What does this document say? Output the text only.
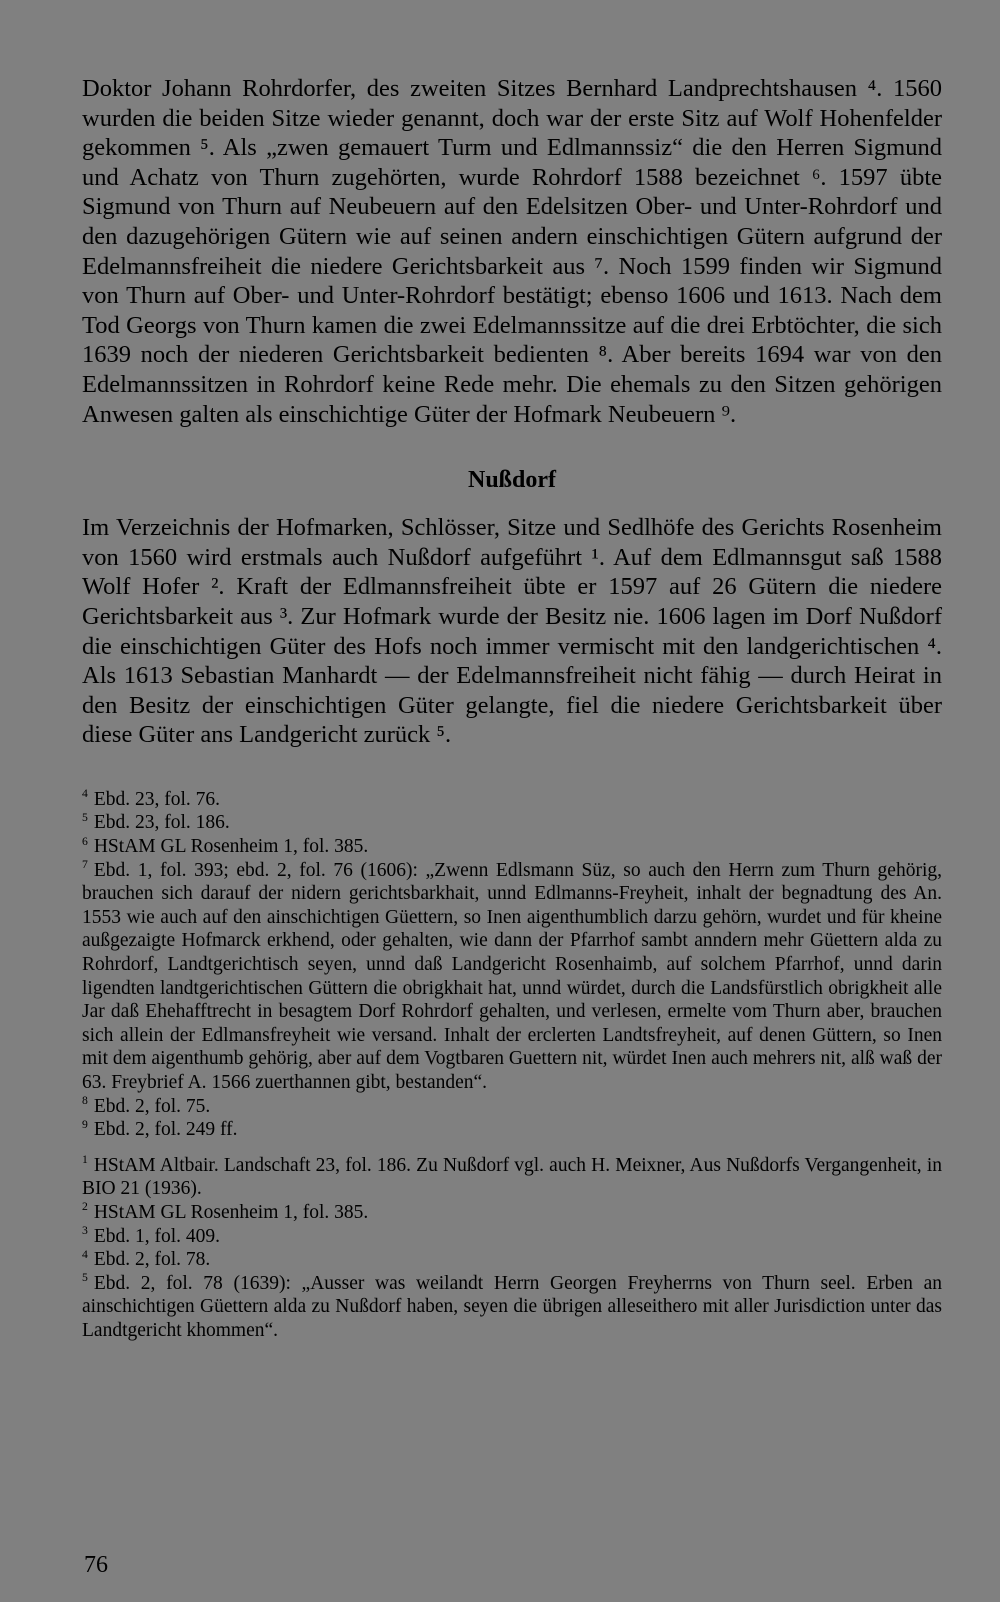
Doktor Johann Rohrdorfer, des zweiten Sitzes Bernhard Landprechtshausen ⁴. 1560 wurden die beiden Sitze wieder genannt, doch war der erste Sitz auf Wolf Hohenfelder gekommen ⁵. Als „zwen gemauert Turm und Edlmannssiz“ die den Herren Sigmund und Achatz von Thurn zugehörten, wurde Rohrdorf 1588 bezeichnet ⁶. 1597 übte Sigmund von Thurn auf Neubeuern auf den Edelsitzen Ober- und Unter-Rohrdorf und den dazugehörigen Gütern wie auf seinen andern einschichtigen Gütern aufgrund der Edelmannsfreiheit die niedere Gerichtsbarkeit aus ⁷. Noch 1599 finden wir Sigmund von Thurn auf Ober- und Unter-Rohrdorf bestätigt; ebenso 1606 und 1613. Nach dem Tod Georgs von Thurn kamen die zwei Edelmannssitze auf die drei Erbtöchter, die sich 1639 noch der niederen Gerichtsbarkeit bedienten ⁸. Aber bereits 1694 war von den Edelmannssitzen in Rohrdorf keine Rede mehr. Die ehemals zu den Sitzen gehörigen Anwesen galten als einschichtige Güter der Hofmark Neubeuern ⁹.

Nußdorf

Im Verzeichnis der Hofmarken, Schlösser, Sitze und Sedlhöfe des Gerichts Rosenheim von 1560 wird erstmals auch Nußdorf aufgeführt ¹. Auf dem Edlmannsgut saß 1588 Wolf Hofer ². Kraft der Edlmannsfreiheit übte er 1597 auf 26 Gütern die niedere Gerichtsbarkeit aus ³. Zur Hofmark wurde der Besitz nie. 1606 lagen im Dorf Nußdorf die einschichtigen Güter des Hofs noch immer vermischt mit den landgerichtischen ⁴. Als 1613 Sebastian Manhardt — der Edelmannsfreiheit nicht fähig — durch Heirat in den Besitz der einschichtigen Güter gelangte, fiel die niedere Gerichtsbarkeit über diese Güter ans Landgericht zurück ⁵.

$^4$ Ebd. 23, fol. 76.

$^5$ Ebd. 23, fol. 186.

$^6$ HStAM GL Rosenheim 1, fol. 385.

$^7$ Ebd. 1, fol. 393; ebd. 2, fol. 76 (1606): „Zwenn Edlsmann Süz, so auch den Herrn zum Thurn gehörig, brauchen sich darauf der nidern gerichtsbarkhait, unnd Edlmanns-Freyheit, inhalt der begnadtung des An. 1553 wie auch auf den ainschichtigen Güettern, so Inen aigenthumblich darzu gehörn, wurdet und für kheine außgezaigte Hofmarck erkhend, oder gehalten, wie dann der Pfarrhof sambt anndern mehr Güettern alda zu Rohrdorf, Landtgerichtisch seyen, unnd daß Landgericht Rosenhaimb, auf solchem Pfarrhof, unnd darin ligendten landtgerichtischen Güttern die obrigkhait hat, unnd würdet, durch die Landsfürstlich obrigkheit alle Jar daß Ehehafftrecht in besagtem Dorf Rohrdorf gehalten, und verlesen, ermelte vom Thurn aber, brauchen sich allein der Edlmansfreyheit wie versand. Inhalt der erclerten Landtsfreyheit, auf denen Güttern, so Inen mit dem aigenthumb gehörig, aber auf dem Vogtbaren Guettern nit, würdet Inen auch mehrers nit, alß waß der 63. Freybrief A. 1566 zuerthannen gibt, bestanden“.

$^8$ Ebd. 2, fol. 75.

$^9$ Ebd. 2, fol. 249 ff.

$^1$ HStAM Altbair. Landschaft 23, fol. 186. Zu Nußdorf vgl. auch H. Meixner, Aus Nußdorfs Vergangenheit, in BIO 21 (1936).

$^2$ HStAM GL Rosenheim 1, fol. 385.

$^3$ Ebd. 1, fol. 409.

$^4$ Ebd. 2, fol. 78.

$^5$ Ebd. 2, fol. 78 (1639): „Ausser was weilandt Herrn Georgen Freyherrns von Thurn seel. Erben an ainschichtigen Güettern alda zu Nußdorf haben, seyen die übrigen alleseithero mit aller Jurisdiction unter das Landtgericht khommen“.

76
